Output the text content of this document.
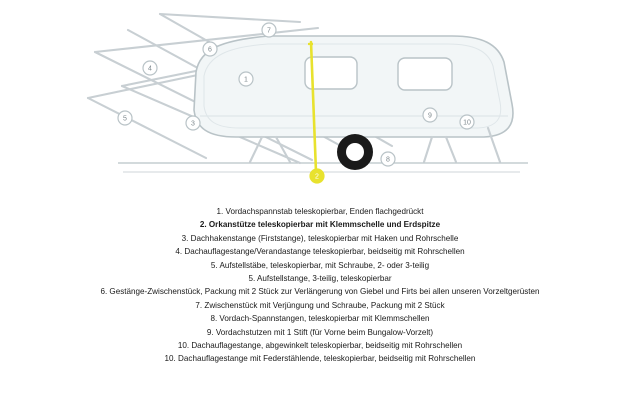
1
3
4
5
6
7
8
9
10
2
1. Vordachspannstab teleskopierbar, Enden flachgedrückt
2. Orkanstütze teleskopierbar mit Klemmschelle und Erdspitze
3. Dachhakenstange (Firststange), teleskopierbar mit Haken und Rohrschelle
4. Dachauflagestange/Verandastange teleskopierbar, beidseitig mit Rohrschellen
5. Aufstellstäbe, teleskopierbar, mit Schraube, 2- oder 3-teilig
5. Aufstellstange, 3-teilig, teleskopierbar
6. Gestänge-Zwischenstück, Packung mit 2 Stück zur Verlängerung von Giebel und Firts bei allen unseren Vorzeltgerüsten
7. Zwischenstück mit Verjüngung und Schraube, Packung mit 2 Stück
8. Vordach-Spannstangen, teleskopierbar mit Klemmschellen
9. Vordachstutzen mit 1 Stift (für Vorne beim Bungalow-Vorzelt)
10. Dachauflagestange, abgewinkelt teleskopierbar, beidseitig mit Rohrschellen
10. Dachauflagestange mit Federstählende, teleskopierbar, beidseitig mit Rohrschellen
